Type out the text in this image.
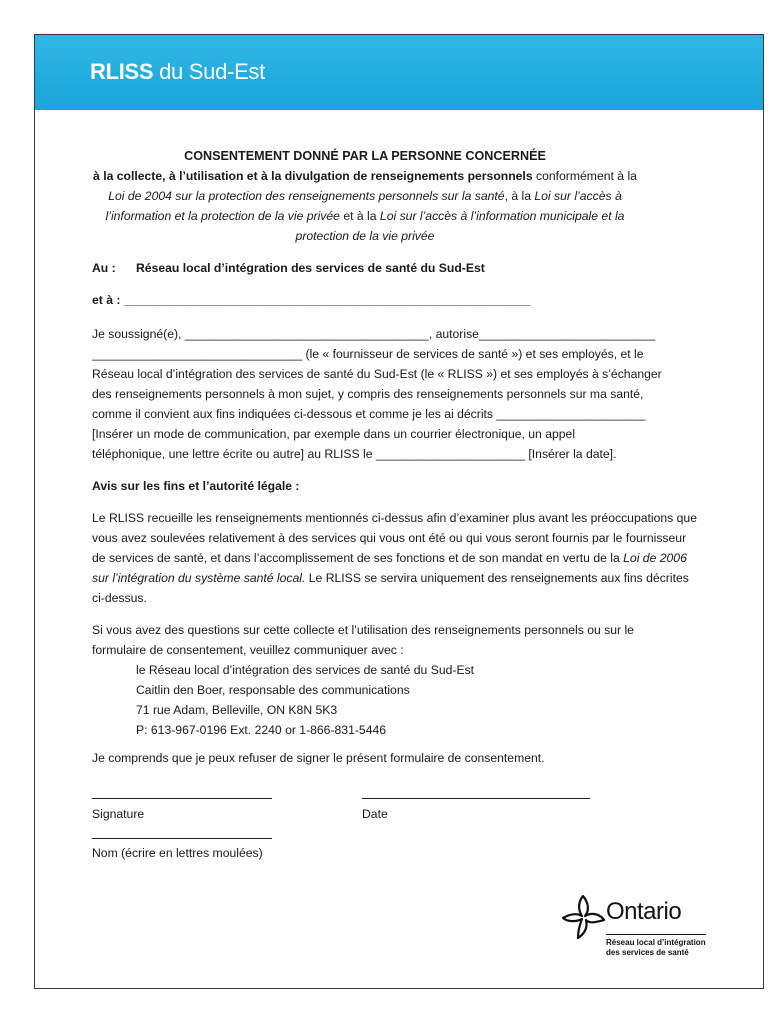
RLISS du Sud-Est
CONSENTEMENT DONNÉ PAR LA PERSONNE CONCERNÉE
à la collecte, à l’utilisation et à la divulgation de renseignements personnels conformément à la
Loi de 2004 sur la protection des renseignements personnels sur la santé, à la Loi sur l’accès à
l’information et la protection de la vie privée et à la Loi sur l’accès à l’information municipale et la
protection de la vie privée
Au : Réseau local d’intégration des services de santé du Sud-Est
et à : ____________________________________________________________
Je soussigné(e), ____________________________________, autorise__________________________
_______________________________ (le « fournisseur de services de santé ») et ses employés, et le
Réseau local d’intégration des services de santé du Sud-Est (le « RLISS ») et ses employés à s’échanger
des renseignements personnels à mon sujet, y compris des renseignements personnels sur ma santé,
comme il convient aux fins indiquées ci-dessous et comme je les ai décrits ______________________
[Insérer un mode de communication, par exemple dans un courrier électronique, un appel
téléphonique, une lettre écrite ou autre] au RLISS le ______________________ [Insérer la date].
Avis sur les fins et l’autorité légale :
Le RLISS recueille les renseignements mentionnés ci-dessus afin d’examiner plus avant les préoccupations que
vous avez soulevées relativement à des services qui vous ont été ou qui vous seront fournis par le fournisseur
de services de santé, et dans l’accomplissement de ses fonctions et de son mandat en vertu de la Loi de 2006
sur l’intégration du système santé local. Le RLISS se servira uniquement des renseignements aux fins décrites
ci-dessus.
Si vous avez des questions sur cette collecte et l’utilisation des renseignements personnels ou sur le
formulaire de consentement, veuillez communiquer avec :
le Réseau local d’intégration des services de santé du Sud-Est
Caitlin den Boer, responsable des communications
71 rue Adam, Belleville, ON K8N 5K3
P: 613-967-0196 Ext. 2240 or 1-866-831-5446
Je comprends que je peux refuser de signer le présent formulaire de consentement.
Signature	Date
Nom (écrire en lettres moulées)
Ontario
Réseau local d’intégration
des services de santé
